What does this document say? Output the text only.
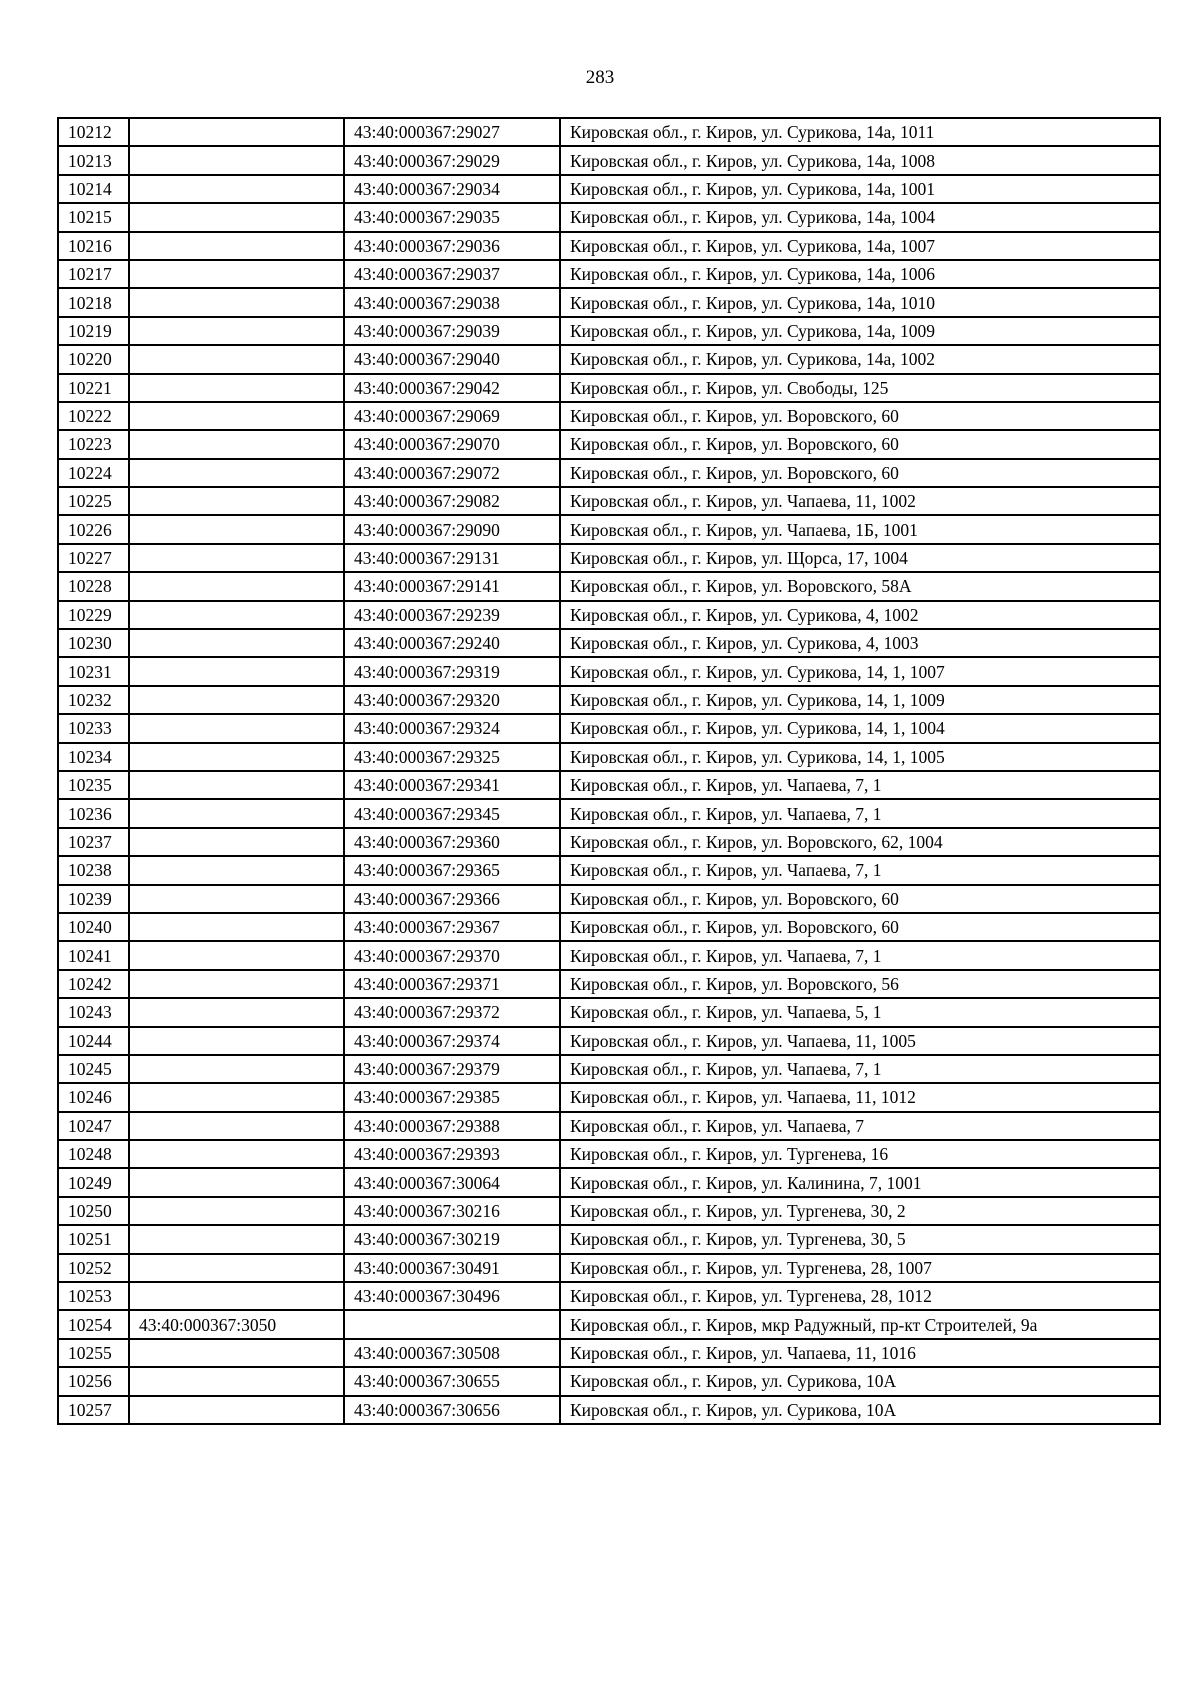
283
10212		43:40:000367:29027	Кировская обл., г. Киров, ул. Сурикова, 14а, 1011
10213		43:40:000367:29029	Кировская обл., г. Киров, ул. Сурикова, 14а, 1008
10214		43:40:000367:29034	Кировская обл., г. Киров, ул. Сурикова, 14а, 1001
10215		43:40:000367:29035	Кировская обл., г. Киров, ул. Сурикова, 14а, 1004
10216		43:40:000367:29036	Кировская обл., г. Киров, ул. Сурикова, 14а, 1007
10217		43:40:000367:29037	Кировская обл., г. Киров, ул. Сурикова, 14а, 1006
10218		43:40:000367:29038	Кировская обл., г. Киров, ул. Сурикова, 14а, 1010
10219		43:40:000367:29039	Кировская обл., г. Киров, ул. Сурикова, 14а, 1009
10220		43:40:000367:29040	Кировская обл., г. Киров, ул. Сурикова, 14а, 1002
10221		43:40:000367:29042	Кировская обл., г. Киров, ул. Свободы, 125
10222		43:40:000367:29069	Кировская обл., г. Киров, ул. Воровского, 60
10223		43:40:000367:29070	Кировская обл., г. Киров, ул. Воровского, 60
10224		43:40:000367:29072	Кировская обл., г. Киров, ул. Воровского, 60
10225		43:40:000367:29082	Кировская обл., г. Киров, ул. Чапаева, 11, 1002
10226		43:40:000367:29090	Кировская обл., г. Киров, ул. Чапаева, 1Б, 1001
10227		43:40:000367:29131	Кировская обл., г. Киров, ул. Щорса, 17, 1004
10228		43:40:000367:29141	Кировская обл., г. Киров, ул. Воровского, 58А
10229		43:40:000367:29239	Кировская обл., г. Киров, ул. Сурикова, 4, 1002
10230		43:40:000367:29240	Кировская обл., г. Киров, ул. Сурикова, 4, 1003
10231		43:40:000367:29319	Кировская обл., г. Киров, ул. Сурикова, 14, 1, 1007
10232		43:40:000367:29320	Кировская обл., г. Киров, ул. Сурикова, 14, 1, 1009
10233		43:40:000367:29324	Кировская обл., г. Киров, ул. Сурикова, 14, 1, 1004
10234		43:40:000367:29325	Кировская обл., г. Киров, ул. Сурикова, 14, 1, 1005
10235		43:40:000367:29341	Кировская обл., г. Киров, ул. Чапаева, 7, 1
10236		43:40:000367:29345	Кировская обл., г. Киров, ул. Чапаева, 7, 1
10237		43:40:000367:29360	Кировская обл., г. Киров, ул. Воровского, 62, 1004
10238		43:40:000367:29365	Кировская обл., г. Киров, ул. Чапаева, 7, 1
10239		43:40:000367:29366	Кировская обл., г. Киров, ул. Воровского, 60
10240		43:40:000367:29367	Кировская обл., г. Киров, ул. Воровского, 60
10241		43:40:000367:29370	Кировская обл., г. Киров, ул. Чапаева, 7, 1
10242		43:40:000367:29371	Кировская обл., г. Киров, ул. Воровского, 56
10243		43:40:000367:29372	Кировская обл., г. Киров, ул. Чапаева, 5, 1
10244		43:40:000367:29374	Кировская обл., г. Киров, ул. Чапаева, 11, 1005
10245		43:40:000367:29379	Кировская обл., г. Киров, ул. Чапаева, 7, 1
10246		43:40:000367:29385	Кировская обл., г. Киров, ул. Чапаева, 11, 1012
10247		43:40:000367:29388	Кировская обл., г. Киров, ул. Чапаева, 7
10248		43:40:000367:29393	Кировская обл., г. Киров, ул. Тургенева, 16
10249		43:40:000367:30064	Кировская обл., г. Киров, ул. Калинина, 7, 1001
10250		43:40:000367:30216	Кировская обл., г. Киров, ул. Тургенева, 30, 2
10251		43:40:000367:30219	Кировская обл., г. Киров, ул. Тургенева, 30, 5
10252		43:40:000367:30491	Кировская обл., г. Киров, ул. Тургенева, 28, 1007
10253		43:40:000367:30496	Кировская обл., г. Киров, ул. Тургенева, 28, 1012
10254	43:40:000367:3050		Кировская обл., г. Киров, мкр Радужный, пр-кт Строителей, 9а
10255		43:40:000367:30508	Кировская обл., г. Киров, ул. Чапаева, 11, 1016
10256		43:40:000367:30655	Кировская обл., г. Киров, ул. Сурикова, 10А
10257		43:40:000367:30656	Кировская обл., г. Киров, ул. Сурикова, 10А
